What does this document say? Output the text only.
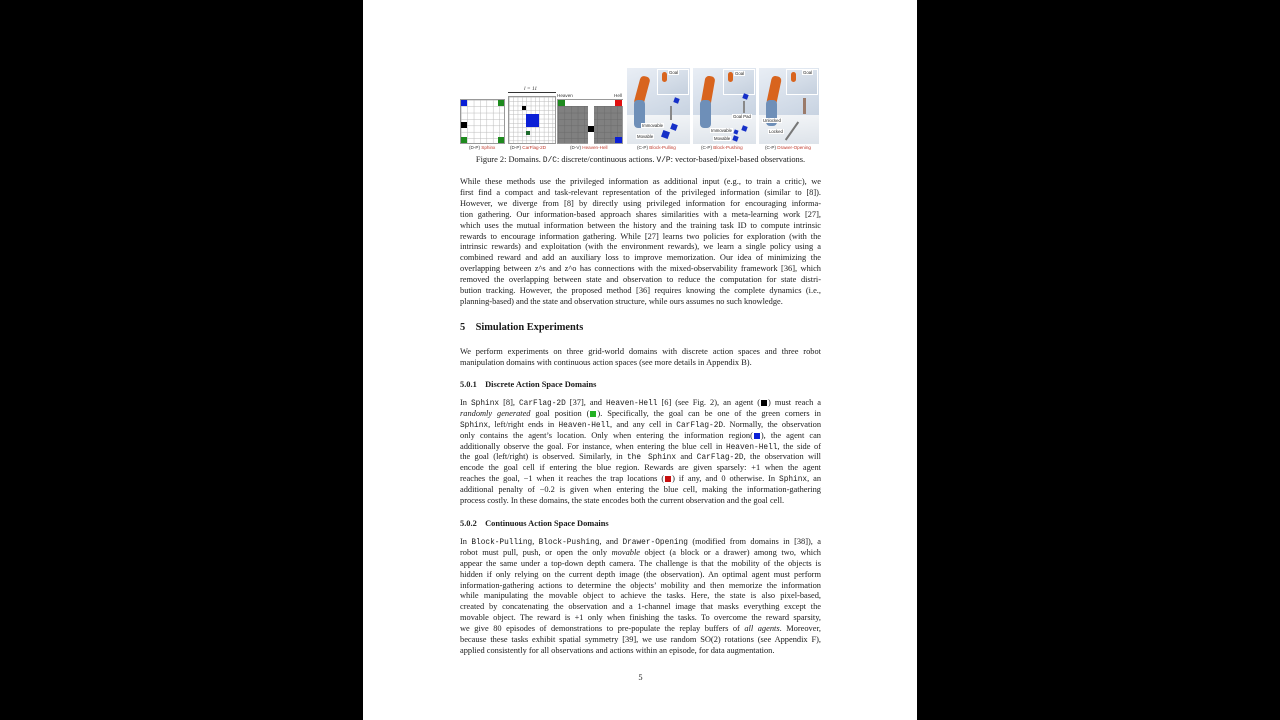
(D-P) Sphinx
l = 11
(D-P) CarFlag-2D
Heaven	Hell
(D-V) Heaven-Hell
Goal
Immovable
Movable
(C-P) Block-Pulling
Goal
Goal Pad
Immovable
Movable
(C-P) Block-Pushing
Goal
Unlocked
Locked
(C-P) Drawer-Opening
Figure 2: Domains. D/C: discrete/continuous actions. V/P: vector-based/pixel-based observations.
While these methods use the privileged information as additional input (e.g., to train a critic), we
first find a compact and task-relevant representation of the privileged information (similar to [8]).
However, we diverge from [8] by directly using privileged information for encouraging informa-
tion gathering. Our information-based approach shares similarities with a meta-learning work [27],
which uses the mutual information between the history and the training task ID to compute intrinsic
rewards to encourage information gathering. While [27] learns two policies for exploration (with the
intrinsic rewards) and exploitation (with the environment rewards), we learn a single policy using a
combined reward and add an auxiliary loss to improve memorization. Our idea of minimizing the
overlapping between z^s and z^o has connections with the mixed-observability framework [36], which
removed the overlapping between state and observation to reduce the computation for state distri-
bution tracking. However, the proposed method [36] requires knowing the complete dynamics (i.e.,
planning-based) and the state and observation structure, while ours assumes no such knowledge.
5 Simulation Experiments
We perform experiments on three grid-world domains with discrete action spaces and three robot
manipulation domains with continuous action spaces (see more details in Appendix B).
5.0.1 Discrete Action Space Domains
In Sphinx [8], CarFlag-2D [37], and Heaven-Hell [6] (see Fig. 2), an agent ( ) must reach a
randomly generated goal position ( ). Specifically, the goal can be one of the green corners in
Sphinx, left/right ends in Heaven-Hell, and any cell in CarFlag-2D. Normally, the observation
only contains the agent’s location. Only when entering the information region( ), the agent can
additionally observe the goal. For instance, when entering the blue cell in Heaven-Hell, the side of
the goal (left/right) is observed. Similarly, in the Sphinx and CarFlag-2D, the observation will
encode the goal cell if entering the blue region. Rewards are given sparsely: +1 when the agent
reaches the goal, −1 when it reaches the trap locations ( ) if any, and 0 otherwise. In Sphinx, an
additional penalty of −0.2 is given when entering the blue cell, making the information-gathering
process costly. In these domains, the state encodes both the current observation and the goal cell.
5.0.2 Continuous Action Space Domains
In Block-Pulling, Block-Pushing, and Drawer-Opening (modified from domains in [38]), a
robot must pull, push, or open the only movable object (a block or a drawer) among two, which
appear the same under a top-down depth camera. The challenge is that the mobility of the objects is
hidden if only relying on the current depth image (the observation). An optimal agent must perform
information-gathering actions to determine the objects’ mobility and then memorize the information
while manipulating the movable object to achieve the tasks. Here, the state is also pixel-based,
created by concatenating the observation and a 1-channel image that masks everything except the
movable object. The reward is +1 only when finishing the tasks. To overcome the reward sparsity,
we give 80 episodes of demonstrations to pre-populate the replay buffers of all agents. Moreover,
because these tasks exhibit spatial symmetry [39], we use random SO(2) rotations (see Appendix F),
applied consistently for all observations and actions within an episode, for data augmentation.
5
